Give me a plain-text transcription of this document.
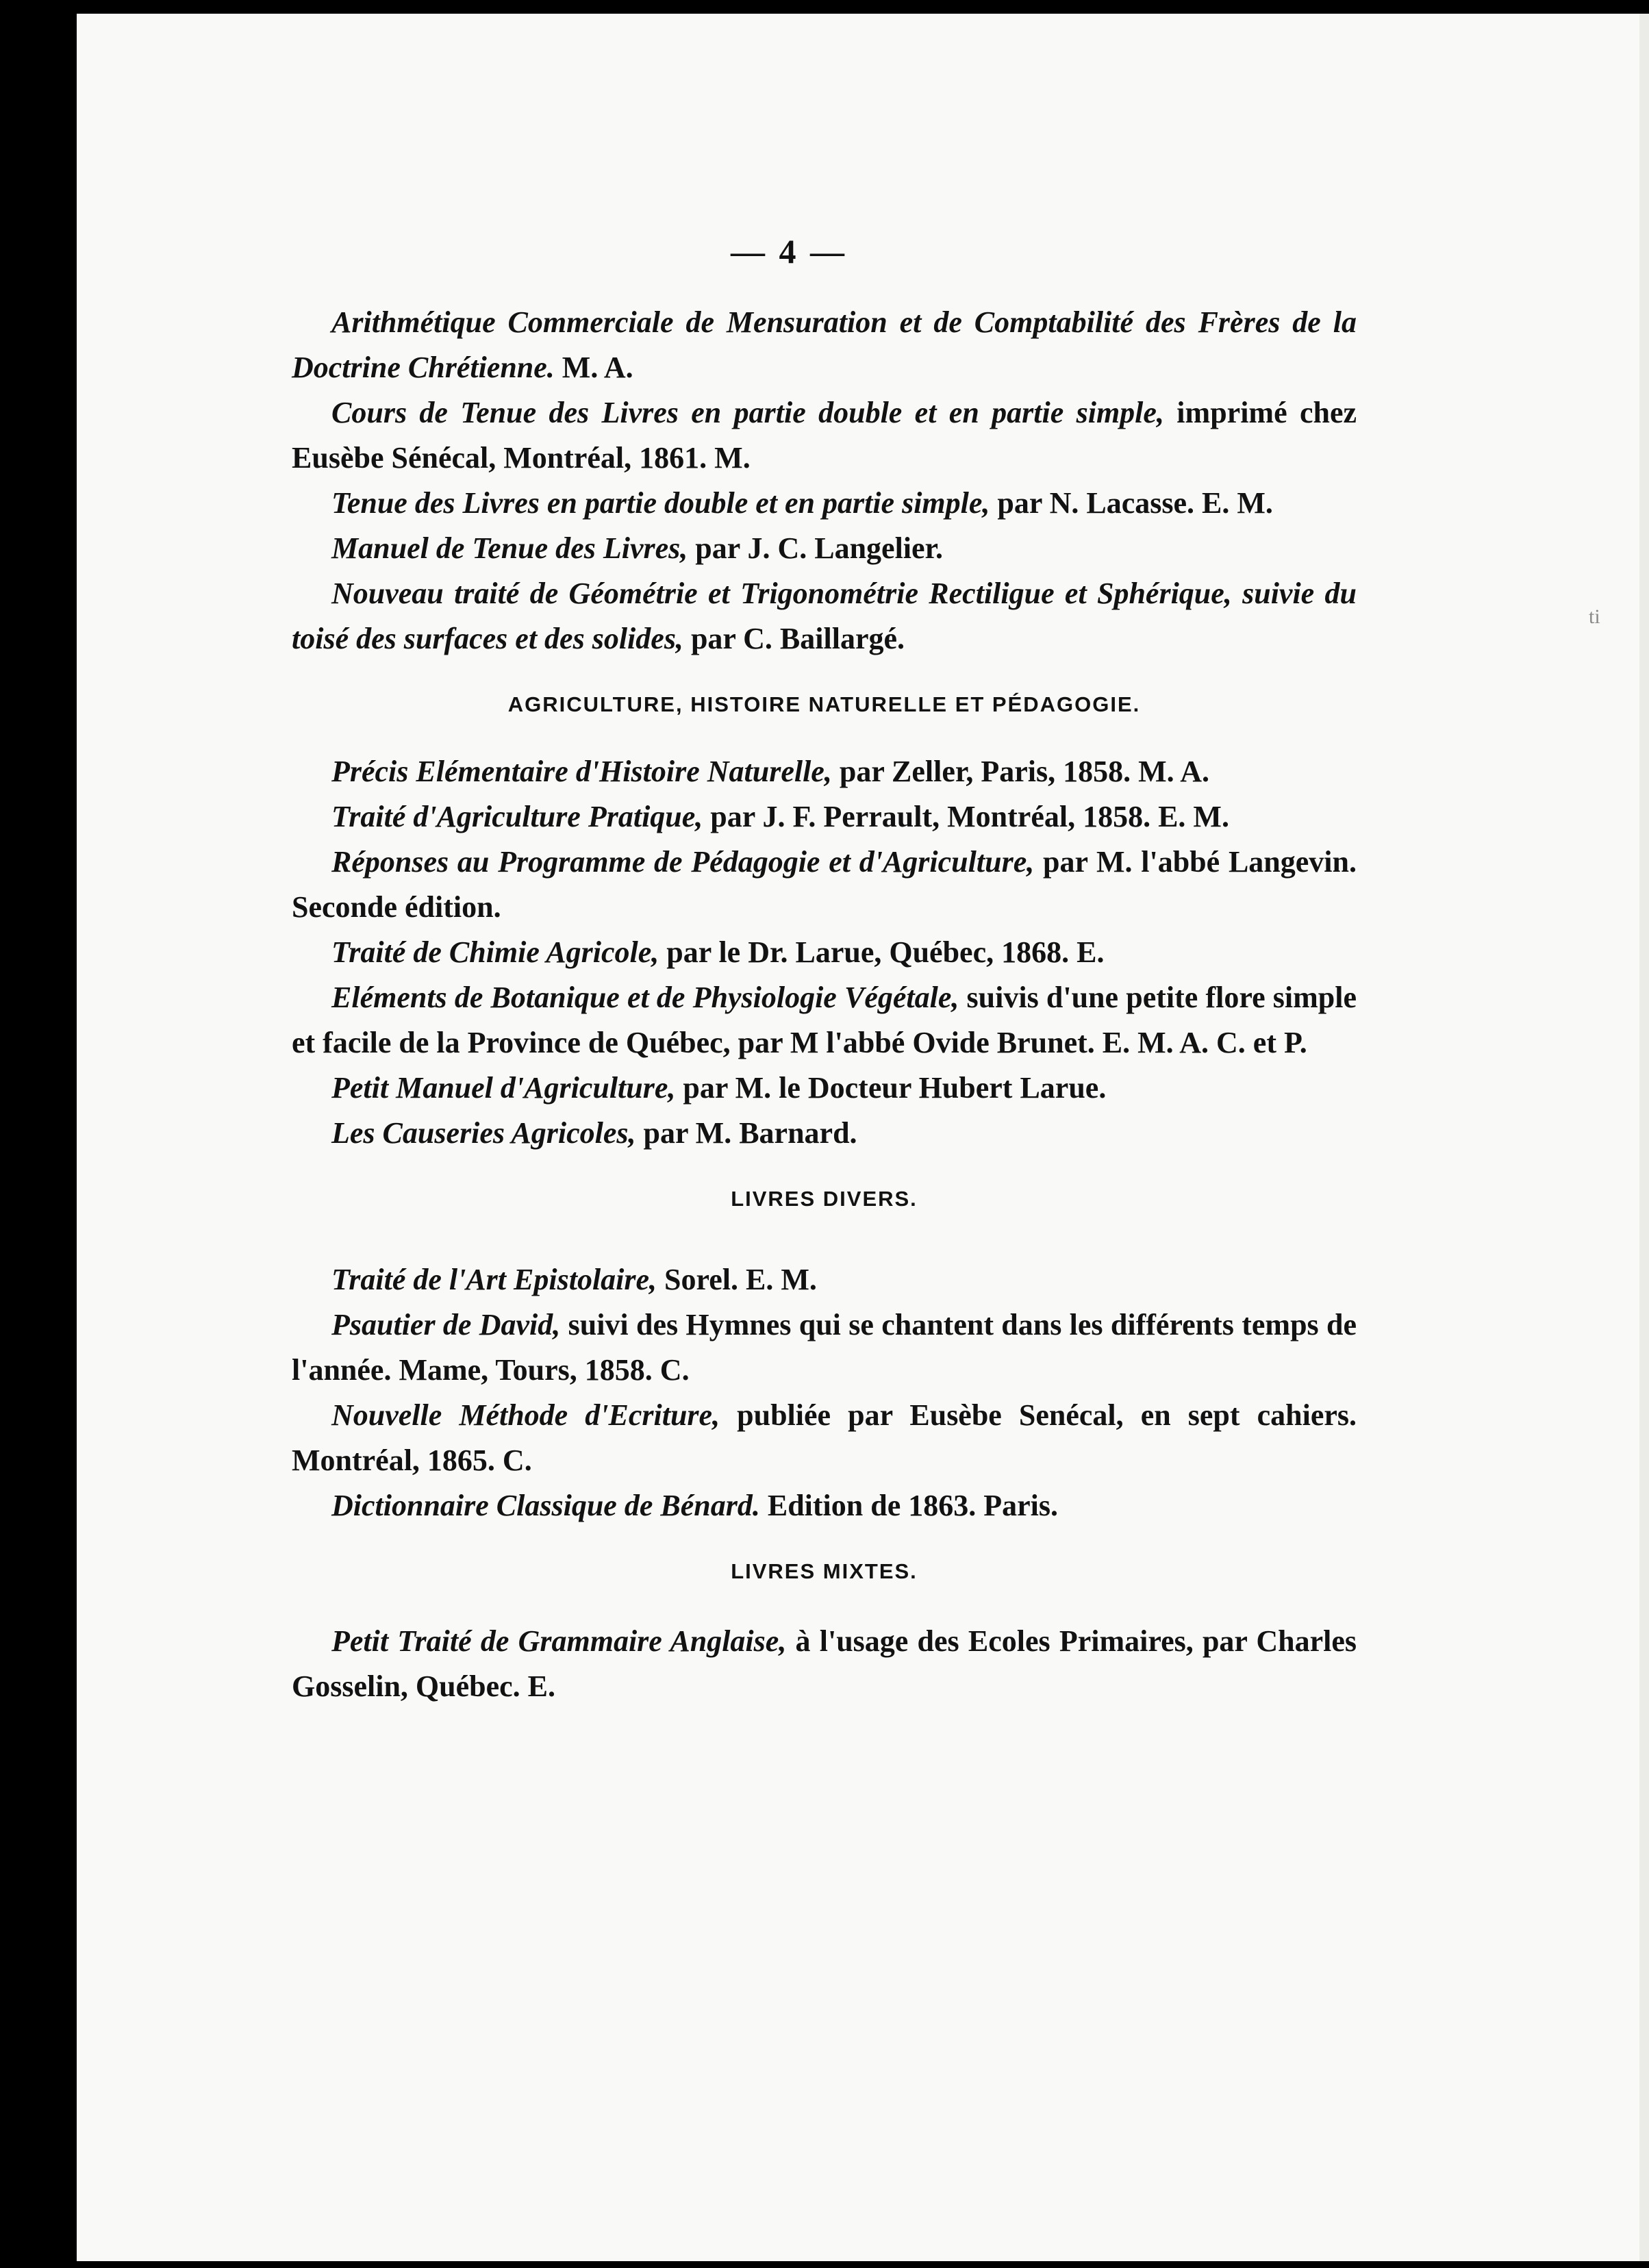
— 4 —
ti

Arithmétique Commerciale de Mensuration et de Comptabilité des Frères de la Doctrine Chrétienne. M. A.

Cours de Tenue des Livres en partie double et en partie simple, imprimé chez Eusèbe Sénécal, Montréal, 1861. M.

Tenue des Livres en partie double et en partie simple, par N. Lacasse. E. M.

Manuel de Tenue des Livres, par J. C. Langelier.

Nouveau traité de Géométrie et Trigonométrie Rectiligue et Sphérique, suivie du toisé des surfaces et des solides, par C. Baillargé.

AGRICULTURE, HISTOIRE NATURELLE ET PÉDAGOGIE.

Précis Elémentaire d'Histoire Naturelle, par Zeller, Paris, 1858. M. A.

Traité d'Agriculture Pratique, par J. F. Perrault, Montréal, 1858. E. M.

Réponses au Programme de Pédagogie et d'Agriculture, par M. l'abbé Langevin. Seconde édition.

Traité de Chimie Agricole, par le Dr. Larue, Québec, 1868. E.

Eléments de Botanique et de Physiologie Végétale, suivis d'une petite flore simple et facile de la Province de Québec, par M l'abbé Ovide Brunet. E. M. A. C. et P.

Petit Manuel d'Agriculture, par M. le Docteur Hubert Larue.

Les Causeries Agricoles, par M. Barnard.

LIVRES DIVERS.

Traité de l'Art Epistolaire, Sorel. E. M.

Psautier de David, suivi des Hymnes qui se chantent dans les différents temps de l'année. Mame, Tours, 1858. C.

Nouvelle Méthode d'Ecriture, publiée par Eusèbe Senécal, en sept cahiers. Montréal, 1865. C.

Dictionnaire Classique de Bénard. Edition de 1863. Paris.

LIVRES MIXTES.

Petit Traité de Grammaire Anglaise, à l'usage des Ecoles Primaires, par Charles Gosselin, Québec. E.
